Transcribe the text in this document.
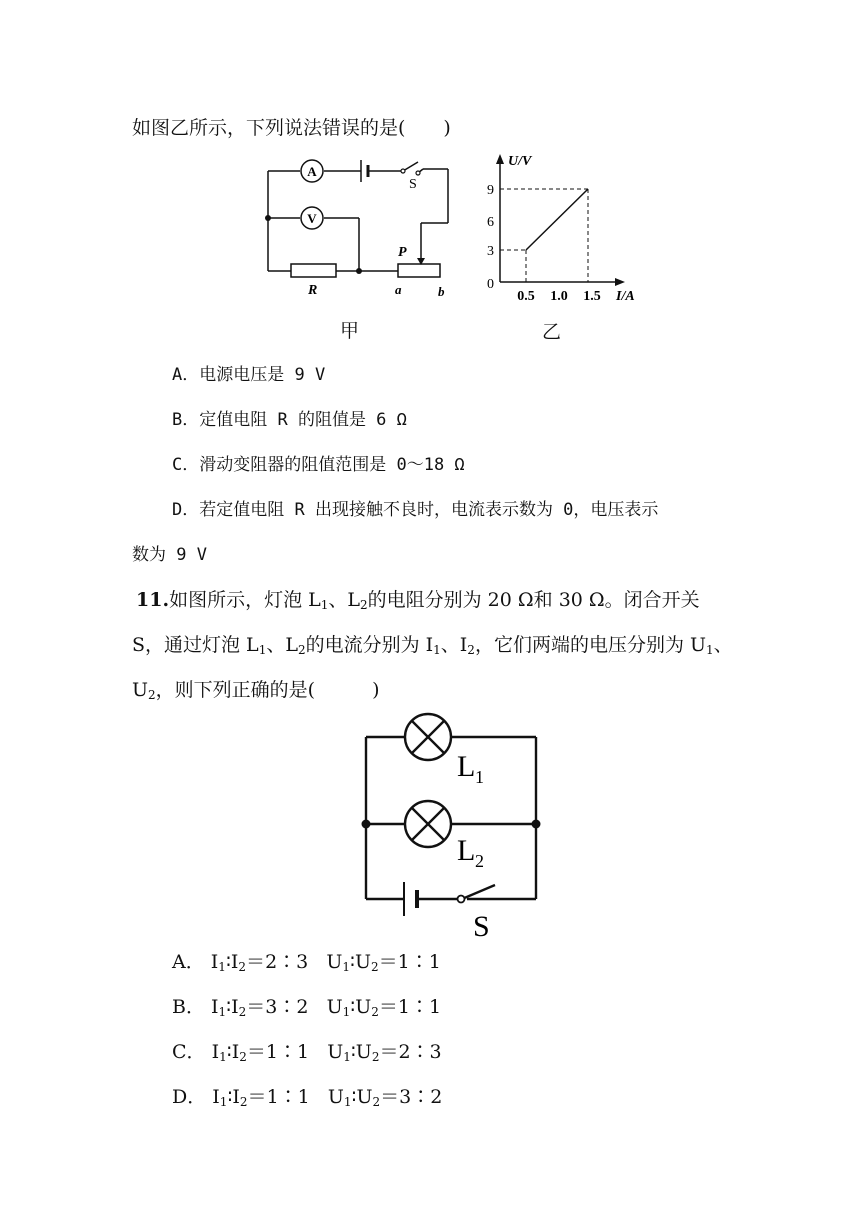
如图乙所示，下列说法错误的是(　　)
A
V
S
P
R	a	b
U/V
I/A
0
9
6
3
0.5 1.0 1.5
甲	乙
A．电源电压是 9 V
B．定值电阻 R 的阻值是 6 Ω
C．滑动变阻器的阻值范围是 0～18 Ω
D．若定值电阻 R 出现接触不良时，电流表示数为 0，电压表示
数为 9 V
11.如图所示，灯泡 $L_1$、$L_2$的电阻分别为 20 Ω和 30 Ω。闭合开关
S，通过灯泡 $L_1$、$L_2$的电流分别为 $I_1$、$I_2$，它们两端的电压分别为 $U_1$、
$U_2$，则下列正确的是(　　　)
L 1
L 2
S
A． $I_1∶I_2=2∶3$ $U_1∶U_2=1∶1$
B． $I_1∶I_2=3∶2$ $U_1∶U_2=1∶1$
C． $I_1∶I_2=1∶1$ $U_1∶U_2=2∶3$
D． $I_1∶I_2=1∶1$ $U_1∶U_2=3∶2$
